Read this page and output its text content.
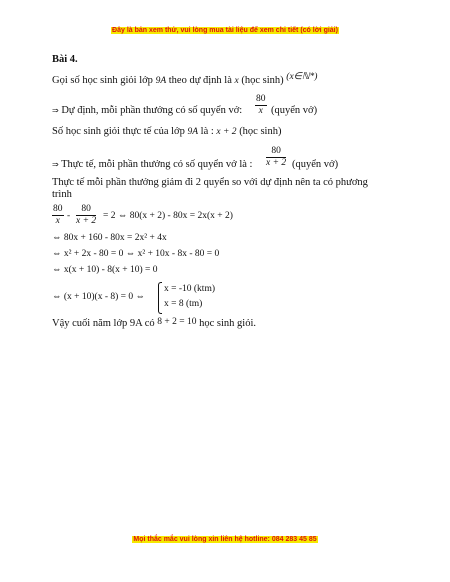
Đây là bản xem thử, vui lòng mua tài liệu để xem chi tiết (có lời giải)
Bài 4.
Gọi số học sinh giỏi lớp 9A theo dự định là x (học sinh) (x∈ℕ*)
⇒ Dự định, mỗi phần thưởng có số quyển vở: $\frac{80}{x}$ (quyển vở)
Số học sinh giỏi thực tế của lớp 9A là : x + 2 (học sinh)
⇒ Thực tế, mỗi phần thưởng có số quyển vở là : $\frac{80}{x + 2}$ (quyển vở)
Thực tế mỗi phần thưởng giảm đi 2 quyển so với dự định nên ta có phương
trình
$\frac{80}{x} - \frac{80}{x + 2} = 2$ ⇔ 80(x + 2) - 80x = 2x(x + 2)
⇔ 80x + 160 - 80x = 2x² + 4x
⇔ x² + 2x - 80 = 0 ⇔ x² + 10x - 8x - 80 = 0
⇔ x(x + 10) - 8(x + 10) = 0
⇔ (x + 10)(x - 8) = 0 ⇔
x = -10 (ktm)
x = 8 (tm)
Vậy cuối năm lớp 9A có 8 + 2 = 10 học sinh giỏi.
Mọi thắc mắc vui lòng xin liên hệ hotline: 084 283 45 85
